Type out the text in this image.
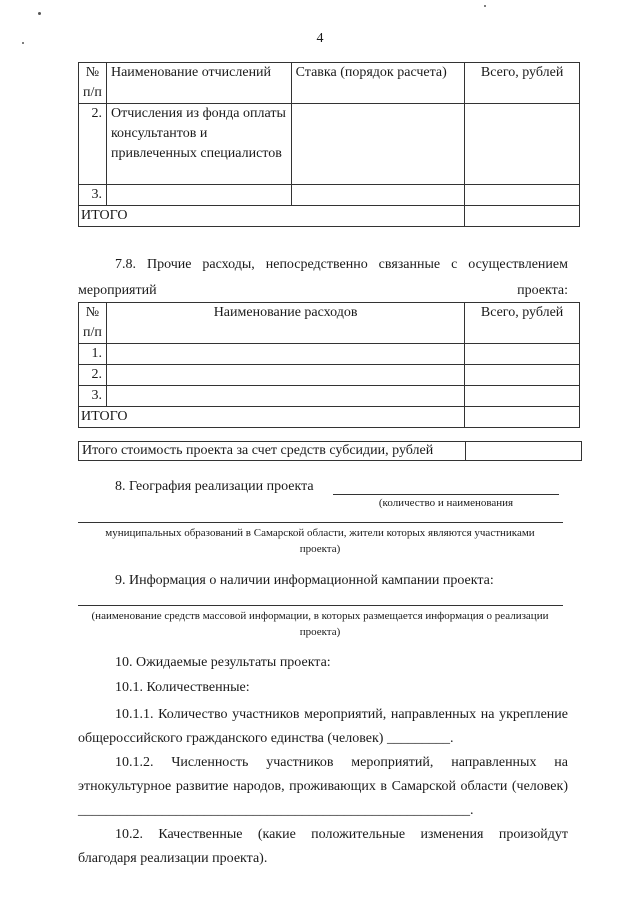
4
№ п/п	Наименование отчислений	Ставка (порядок расчета)	Всего, рублей
2.	Отчисления из фонда оплаты консультантов и привлеченных специалистов		
3.			
ИТОГО			

7.8. Прочие расходы, непосредственно связанные с осуществлением мероприятий проекта:

№ п/п	Наименование расходов	Всего, рублей
1.		
2.		
3.		
ИТОГО		
Итого стоимость проекта за счет средств субсидии, рублей
8. География реализации проекта
(количество и наименования
муниципальных образований в Самарской области, жители которых являются участниками проекта)
9. Информация о наличии информационной кампании проекта:
(наименование средств массовой информации, в которых размещается информация о реализации проекта)
10. Ожидаемые результаты проекта:
10.1. Количественные:

10.1.1. Количество участников мероприятий, направленных на укрепление общероссийского гражданского единства (человек) _________.

10.1.2. Численность участников мероприятий, направленных на этнокультурное развитие народов, проживающих в Самарской области (человек) ________________________________________________________.

10.2. Качественные (какие положительные изменения произойдут благодаря реализации проекта).
